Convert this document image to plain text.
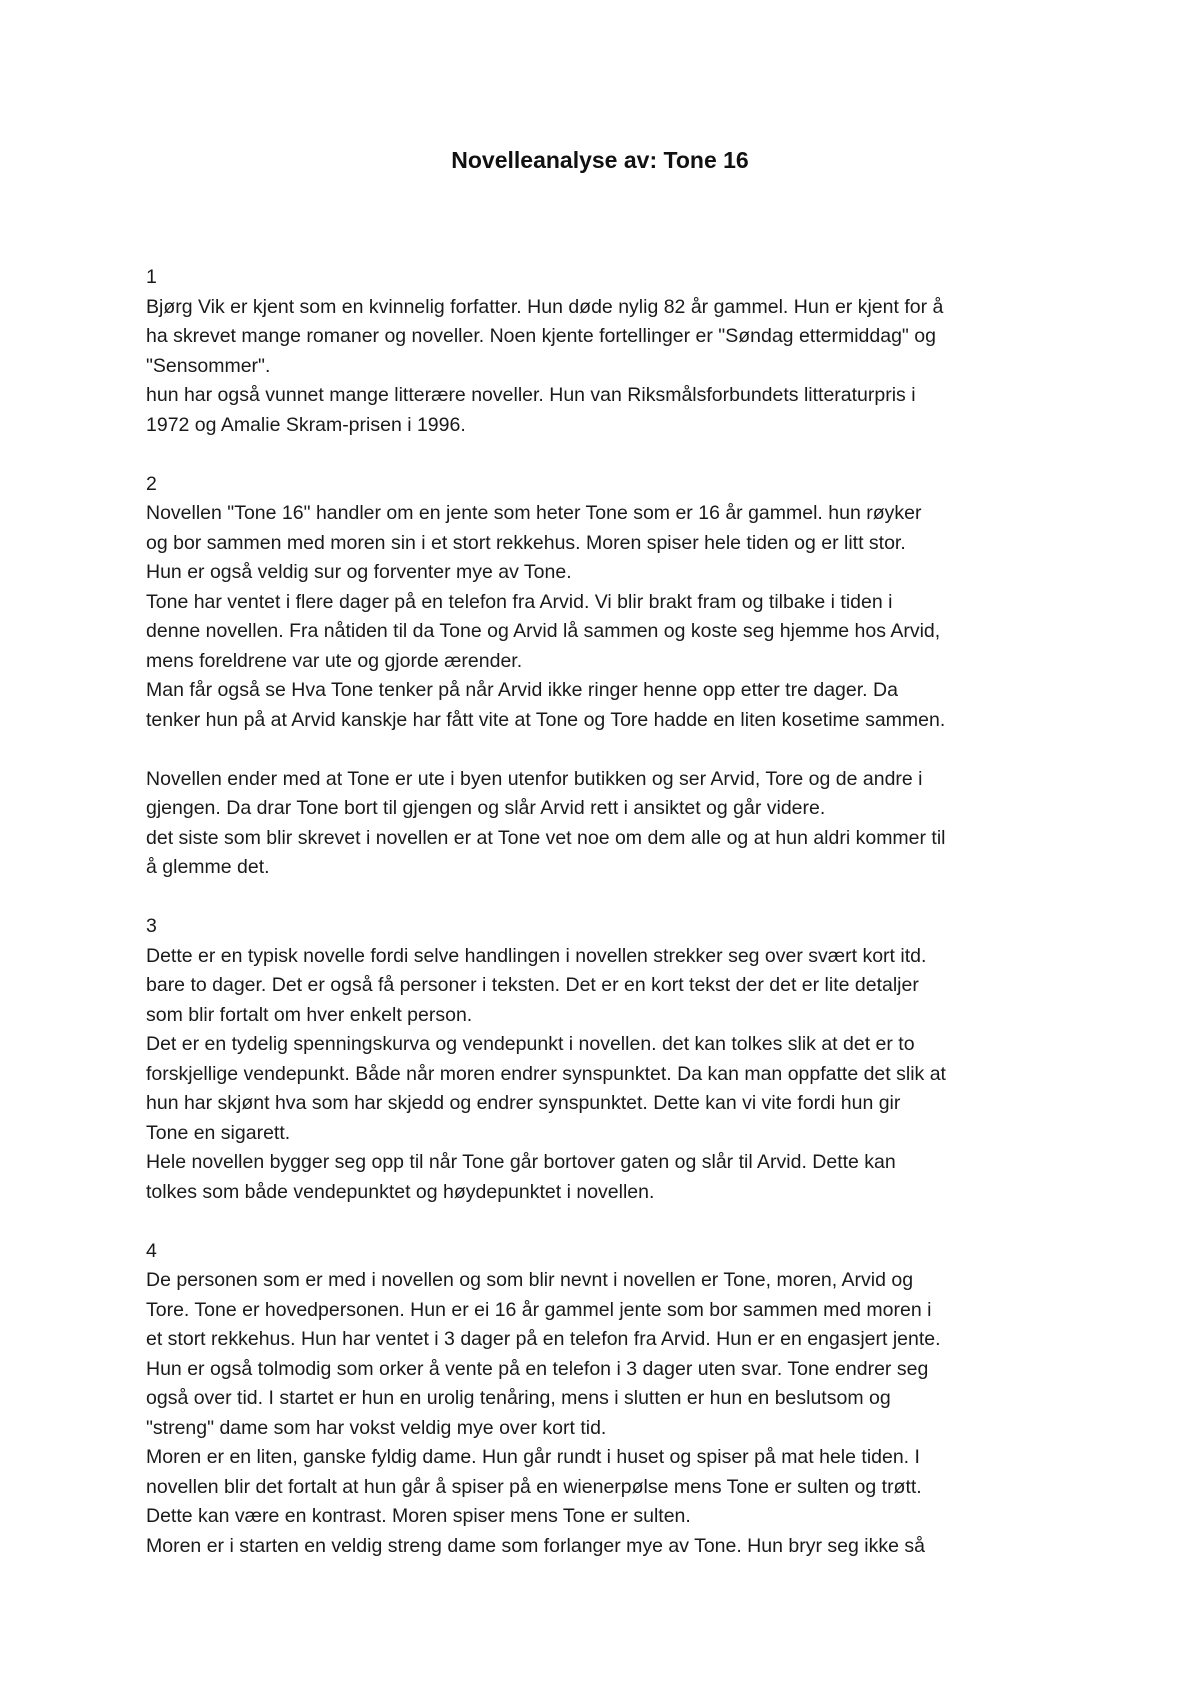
Novelleanalyse av: Tone 16
1
Bjørg Vik er kjent som en kvinnelig forfatter. Hun døde nylig 82 år gammel. Hun er kjent for å
ha skrevet mange romaner og noveller. Noen kjente fortellinger er "Søndag ettermiddag" og
"Sensommer".
hun har også vunnet mange litterære noveller. Hun van Riksmålsforbundets litteraturpris i
1972 og Amalie Skram-prisen i 1996.
2
Novellen "Tone 16" handler om en jente som heter Tone som er 16 år gammel. hun røyker
og bor sammen med moren sin i et stort rekkehus. Moren spiser hele tiden og er litt stor.
Hun er også veldig sur og forventer mye av Tone.
Tone har ventet i flere dager på en telefon fra Arvid. Vi blir brakt fram og tilbake i tiden i
denne novellen. Fra nåtiden til da Tone og Arvid lå sammen og koste seg hjemme hos Arvid,
mens foreldrene var ute og gjorde ærender.
Man får også se Hva Tone tenker på når Arvid ikke ringer henne opp etter tre dager. Da
tenker hun på at Arvid kanskje har fått vite at Tone og Tore hadde en liten kosetime sammen.
Novellen ender med at Tone er ute i byen utenfor butikken og ser Arvid, Tore og de andre i
gjengen. Da drar Tone bort til gjengen og slår Arvid rett i ansiktet og går videre.
det siste som blir skrevet i novellen er at Tone vet noe om dem alle og at hun aldri kommer til
å glemme det.
3
Dette er en typisk novelle fordi selve handlingen i novellen strekker seg over svært kort itd.
bare to dager. Det er også få personer i teksten. Det er en kort tekst der det er lite detaljer
som blir fortalt om hver enkelt person.
Det er en tydelig spenningskurva og vendepunkt i novellen. det kan tolkes slik at det er to
forskjellige vendepunkt. Både når moren endrer synspunktet. Da kan man oppfatte det slik at
hun har skjønt hva som har skjedd og endrer synspunktet. Dette kan vi vite fordi hun gir
Tone en sigarett.
Hele novellen bygger seg opp til når Tone går bortover gaten og slår til Arvid. Dette kan
tolkes som både vendepunktet og høydepunktet i novellen.
4
De personen som er med i novellen og som blir nevnt i novellen er Tone, moren, Arvid og
Tore. Tone er hovedpersonen. Hun er ei 16 år gammel jente som bor sammen med moren i
et stort rekkehus. Hun har ventet i 3 dager på en telefon fra Arvid. Hun er en engasjert jente.
Hun er også tolmodig som orker å vente på en telefon i 3 dager uten svar. Tone endrer seg
også over tid. I startet er hun en urolig tenåring, mens i slutten er hun en beslutsom og
"streng" dame som har vokst veldig mye over kort tid.
Moren er en liten, ganske fyldig dame. Hun går rundt i huset og spiser på mat hele tiden. I
novellen blir det fortalt at hun går å spiser på en wienerpølse mens Tone er sulten og trøtt.
Dette kan være en kontrast. Moren spiser mens Tone er sulten.
Moren er i starten en veldig streng dame som forlanger mye av Tone. Hun bryr seg ikke så
